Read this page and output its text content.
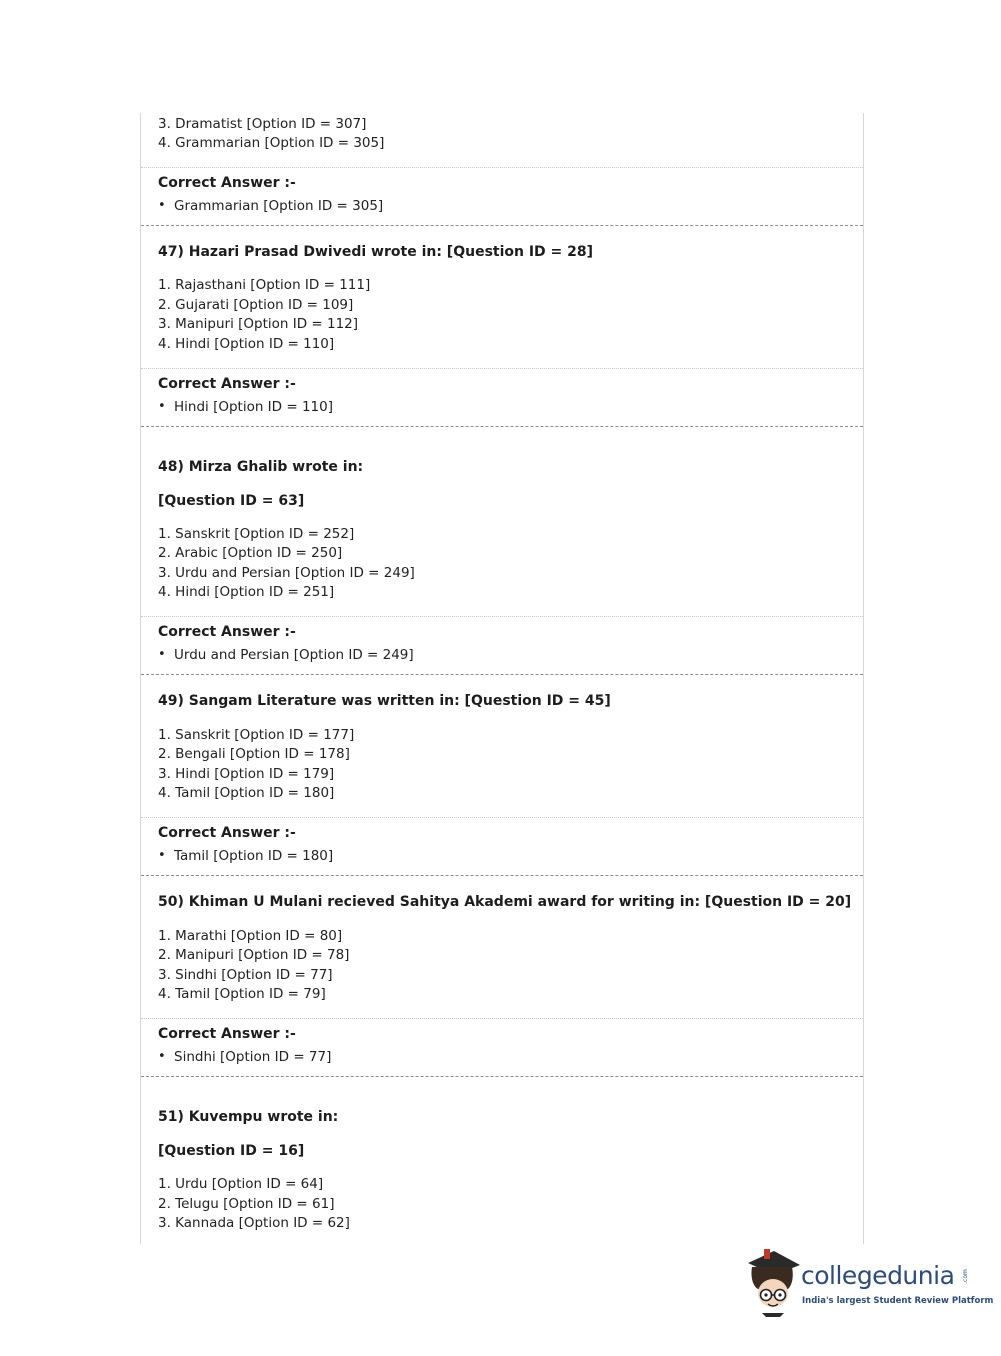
3. Dramatist [Option ID = 307]
4. Grammarian [Option ID = 305]
Correct Answer :-
• Grammarian [Option ID = 305]
47) Hazari Prasad Dwivedi wrote in: [Question ID = 28]
1. Rajasthani [Option ID = 111]
2. Gujarati [Option ID = 109]
3. Manipuri [Option ID = 112]
4. Hindi [Option ID = 110]
Correct Answer :-
• Hindi [Option ID = 110]
48) Mirza Ghalib wrote in:
[Question ID = 63]
1. Sanskrit [Option ID = 252]
2. Arabic [Option ID = 250]
3. Urdu and Persian [Option ID = 249]
4. Hindi [Option ID = 251]
Correct Answer :-
• Urdu and Persian [Option ID = 249]
49) Sangam Literature was written in: [Question ID = 45]
1. Sanskrit [Option ID = 177]
2. Bengali [Option ID = 178]
3. Hindi [Option ID = 179]
4. Tamil [Option ID = 180]
Correct Answer :-
• Tamil [Option ID = 180]
50) Khiman U Mulani recieved Sahitya Akademi award for writing in: [Question ID = 20]
1. Marathi [Option ID = 80]
2. Manipuri [Option ID = 78]
3. Sindhi [Option ID = 77]
4. Tamil [Option ID = 79]
Correct Answer :-
• Sindhi [Option ID = 77]
51) Kuvempu wrote in:
[Question ID = 16]
1. Urdu [Option ID = 64]
2. Telugu [Option ID = 61]
3. Kannada [Option ID = 62]
collegedunia .com
India's largest Student Review Platform
